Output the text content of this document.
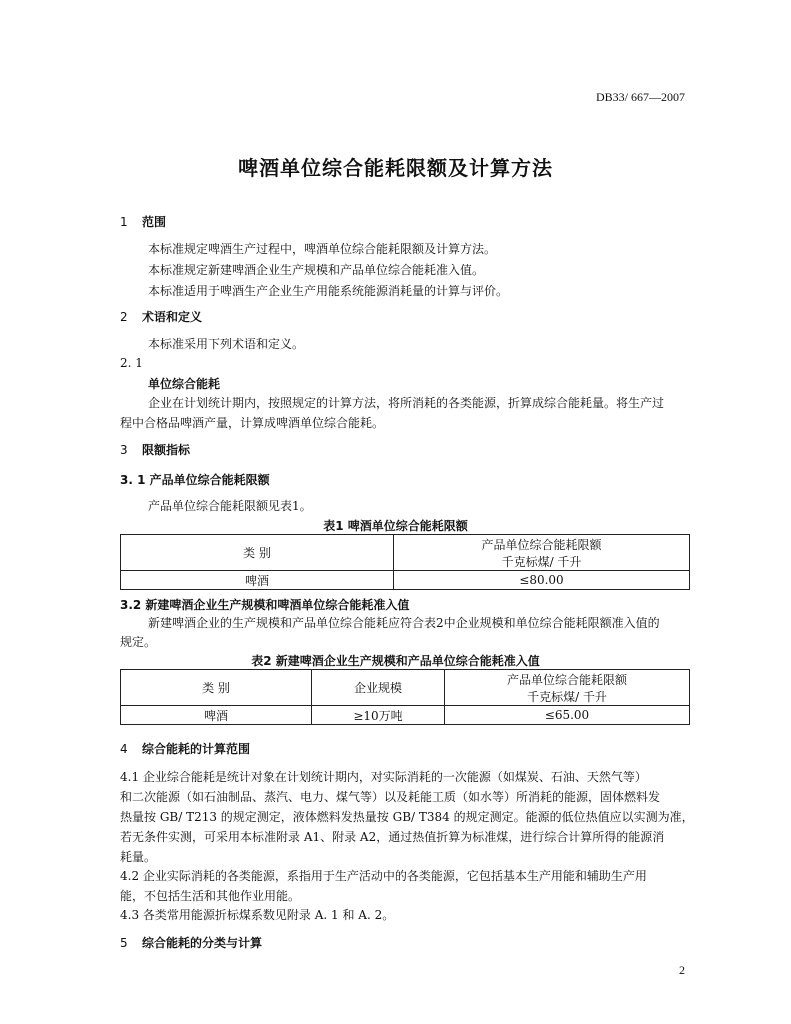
DB33/ 667—2007
啤酒单位综合能耗限额及计算方法
1 范围
本标准规定啤酒生产过程中，啤酒单位综合能耗限额及计算方法。
本标准规定新建啤酒企业生产规模和产品单位综合能耗准入值。
本标准适用于啤酒生产企业生产用能系统能源消耗量的计算与评价。
2 术语和定义
本标准采用下列术语和定义。
2. 1
单位综合能耗
企业在计划统计期内，按照规定的计算方法，将所消耗的各类能源，折算成综合能耗量。将生产过
程中合格品啤酒产量，计算成啤酒单位综合能耗。
3 限额指标
3. 1 产品单位综合能耗限额
产品单位综合能耗限额见表1。
表1 啤酒单位综合能耗限额
类 别	产品单位综合能耗限额
千克标煤/ 千升

啤酒	≤80.00
3.2 新建啤酒企业生产规模和啤酒单位综合能耗准入值
新建啤酒企业的生产规模和产品单位综合能耗应符合表2中企业规模和单位综合能耗限额准入值的
规定。
表2 新建啤酒企业生产规模和产品单位综合能耗准入值
类 别	企业规模	产品单位综合能耗限额
千克标煤/ 千升

啤酒	≥10万吨	≤65.00
4 综合能耗的计算范围
4.1 企业综合能耗是统计对象在计划统计期内，对实际消耗的一次能源（如煤炭、石油、天然气等）
和二次能源（如石油制品、蒸汽、电力、煤气等）以及耗能工质（如水等）所消耗的能源，固体燃料发
热量按 GB/ T213 的规定测定，液体燃料发热量按 GB/ T384 的规定测定。能源的低位热值应以实测为准，
若无条件实测，可采用本标准附录 A1、附录 A2，通过热值折算为标准煤，进行综合计算所得的能源消
耗量。
4.2 企业实际消耗的各类能源，系指用于生产活动中的各类能源，它包括基本生产用能和辅助生产用
能，不包括生活和其他作业用能。
4.3 各类常用能源折标煤系数见附录 A. 1 和 A. 2。
5 综合能耗的分类与计算
2
